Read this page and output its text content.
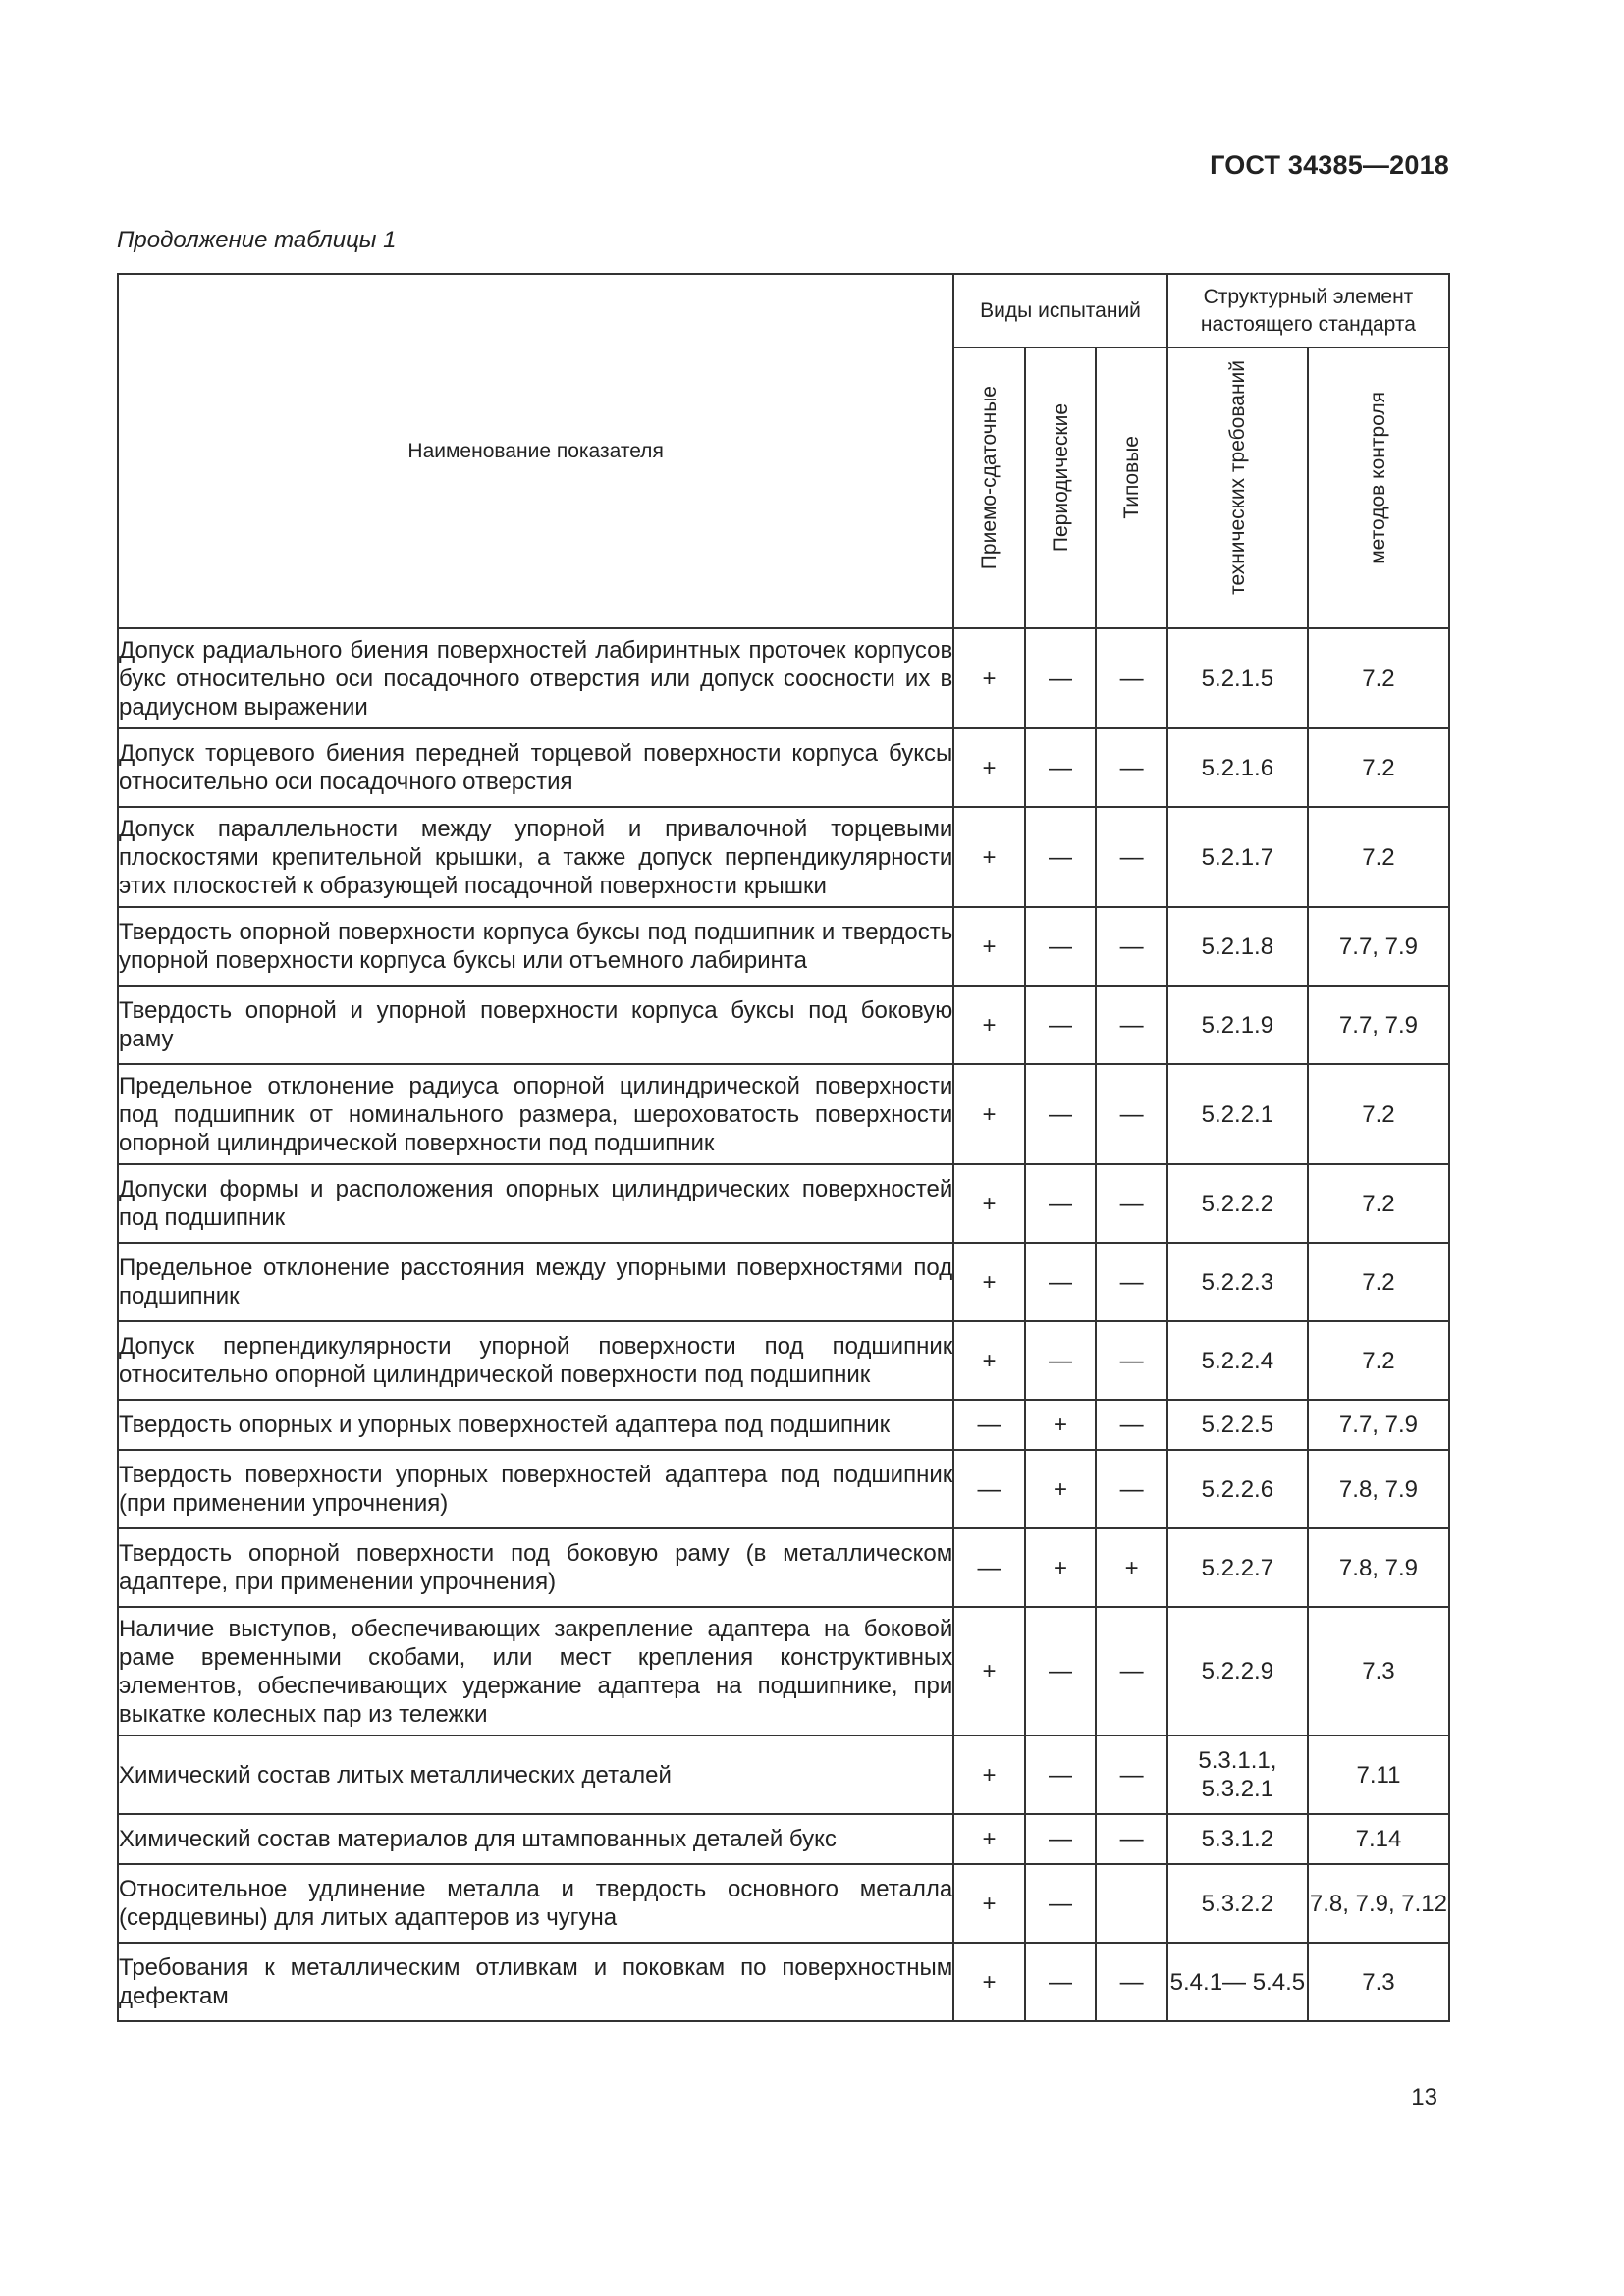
ГОСТ 34385—2018
Продолжение таблицы 1
Наименование показателя	Виды испытаний			Структурный элемент настоящего стандарта	
	Приемо-сдаточные	Периодические	Типовые	технических требований	методов контроля
Допуск радиального биения поверхностей лабиринтных проточек корпусов букс относительно оси посадочного отверстия или допуск соосности их в радиусном выражении	+	—	—	5.2.1.5	7.2
Допуск торцевого биения передней торцевой поверхности корпуса буксы относительно оси посадочного отверстия	+	—	—	5.2.1.6	7.2
Допуск параллельности между упорной и привалочной торцевыми плоскостями крепительной крышки, а также допуск перпендикулярности этих плоскостей к образующей посадочной поверхности крышки	+	—	—	5.2.1.7	7.2
Твердость опорной поверхности корпуса буксы под подшипник и твердость упорной поверхности корпуса буксы или отъемного лабиринта	+	—	—	5.2.1.8	7.7, 7.9
Твердость опорной и упорной поверхности корпуса буксы под боковую раму	+	—	—	5.2.1.9	7.7, 7.9
Предельное отклонение радиуса опорной цилиндрической поверхности под подшипник от номинального размера, шероховатость поверхности опорной цилиндрической поверхности под подшипник	+	—	—	5.2.2.1	7.2
Допуски формы и расположения опорных цилиндрических поверхностей под подшипник	+	—	—	5.2.2.2	7.2
Предельное отклонение расстояния между упорными поверхностями под подшипник	+	—	—	5.2.2.3	7.2
Допуск перпендикулярности упорной поверхности под подшипник относительно опорной цилиндрической поверхности под подшипник	+	—	—	5.2.2.4	7.2
Твердость опорных и упорных поверхностей адаптера под подшипник	—	+	—	5.2.2.5	7.7, 7.9
Твердость поверхности упорных поверхностей адаптера под подшипник (при применении упрочнения)	—	+	—	5.2.2.6	7.8, 7.9
Твердость опорной поверхности под боковую раму (в металлическом адаптере, при применении упрочнения)	—	+	+	5.2.2.7	7.8, 7.9
Наличие выступов, обеспечивающих закрепление адаптера на боковой раме временными скобами, или мест крепления конструктивных элементов, обеспечивающих удержание адаптера на подшипнике, при выкатке колесных пар из тележки	+	—	—	5.2.2.9	7.3
Химический состав литых металлических деталей	+	—	—	5.3.1.1, 5.3.2.1	7.11
Химический состав материалов для штампованных деталей букс	+	—	—	5.3.1.2	7.14
Относительное удлинение металла и твердость основного металла (сердцевины) для литых адаптеров из чугуна	+	—		5.3.2.2	7.8, 7.9, 7.12
Требования к металлическим отливкам и поковкам по поверхностным дефектам	+	—	—	5.4.1— 5.4.5	7.3
13
